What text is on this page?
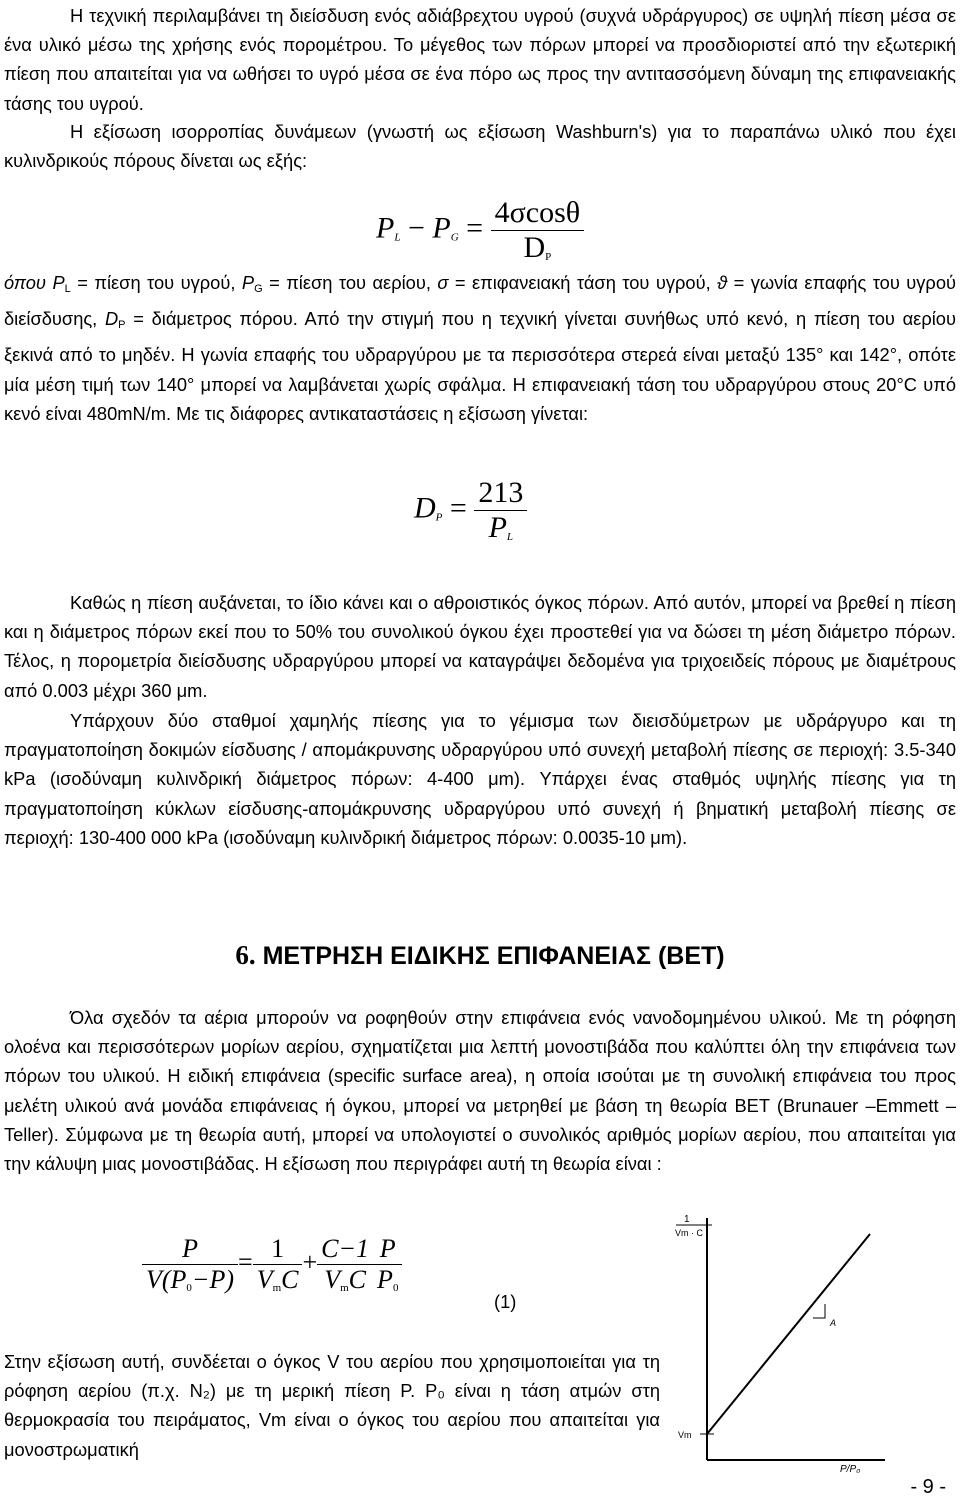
Η τεχνική περιλαμβάνει τη διείσδυση ενός αδιάβρεχτου υγρού (συχνά υδράργυρος) σε υψηλή πίεση μέσα σε ένα υλικό μέσω της χρήσης ενός ποροµέτρου. Το μέγεθος των πόρων μπορεί να προσδιοριστεί από την εξωτερική πίεση που απαιτείται για να ωθήσει το υγρό μέσα σε ένα πόρο ως προς την αντιτασσόμενη δύναμη της επιφανειακής τάσης του υγρού.

Η εξίσωση ισορροπίας δυνάμεων (γνωστή ως εξίσωση Washburn's) για το παραπάνω υλικό που έχει κυλινδρικούς πόρους δίνεται ως εξής:

$P_L - P_G = \frac{4\sigma\cos\theta}{D_P}$

όπου $P_L = \pi ί\varepsilon\sigma\eta$ του υγρού, $P_G = \pi ί\varepsilon\sigma\eta$ του αερίου, σ = επιφανειακή τάση του υγρού, ϑ = γωνία επαφής του υγρού διείσδυσης, $D_P = \delta\iota ά\mu\varepsilon\tau\rho o\varsigma$ πόρου. Από την στιγμή που η τεχνική γίνεται συνήθως υπό κενό, η πίεση του αερίου ξεκινά από το μηδέν. Η γωνία επαφής του υδραργύρου με τα περισσότερα στερεά είναι μεταξύ 135° και 142°, οπότε μία μέση τιμή των 140° μπορεί να λαμβάνεται χωρίς σφάλμα. Η επιφανειακή τάση του υδραργύρου στους 20°C υπό κενό είναι 480mN/m. Με τις διάφορες αντικαταστάσεις η εξίσωση γίνεται:

$D_P = \frac{213}{P_L}$

Καθώς η πίεση αυξάνεται, το ίδιο κάνει και ο αθροιστικός όγκος πόρων. Από αυτόν, μπορεί να βρεθεί η πίεση και η διάμετρος πόρων εκεί που το 50% του συνολικού όγκου έχει προστεθεί για να δώσει τη μέση διάμετρο πόρων. Τέλος, η ποροµετρία διείσδυσης υδραργύρου μπορεί να καταγράψει δεδομένα για τριχοειδείς πόρους με διαμέτρους από 0.003 μέχρι 360 μm.

Υπάρχουν δύο σταθμοί χαμηλής πίεσης για το γέμισμα των διεισδύμετρων με υδράργυρο και τη πραγματοποίηση δοκιμών είσδυσης / απομάκρυνσης υδραργύρου υπό συνεχή μεταβολή πίεσης σε περιοχή: 3.5-340 kPa (ισοδύναμη κυλινδρική διάμετρος πόρων: 4-400 μm). Υπάρχει ένας σταθμός υψηλής πίεσης για τη πραγματοποίηση κύκλων είσδυσης-απομάκρυνσης υδραργύρου υπό συνεχή ή βηματική μεταβολή πίεσης σε περιοχή: 130-400 000 kPa (ισοδύναμη κυλινδρική διάμετρος πόρων: 0.0035-10 μm).

6. ΜΕΤΡΗΣΗ ΕΙΔΙΚΗΣ ΕΠΙΦΑΝΕΙΑΣ (BET)

Όλα σχεδόν τα αέρια μπορούν να ροφηθούν στην επιφάνεια ενός νανοδομημένου υλικού. Με τη ρόφηση ολοένα και περισσότερων μορίων αερίου, σχηματίζεται μια λεπτή μονοστιβάδα που καλύπτει όλη την επιφάνεια των πόρων του υλικού. Η ειδική επιφάνεια (specific surface area), η οποία ισούται με τη συνολική επιφάνεια του προς μελέτη υλικού ανά μονάδα επιφάνειας ή όγκου, μπορεί να μετρηθεί με βάση τη θεωρία BET (Brunauer –Emmett – Teller). Σύμφωνα με τη θεωρία αυτή, μπορεί να υπολογιστεί ο συνολικός αριθμός μορίων αερίου, που απαιτείται για την κάλυψη μιας μονοστιβάδας. Η εξίσωση που περιγράφει αυτή τη θεωρία είναι :

$\frac{P}{V(P_0-P)} = \frac{1}{V_mC} + \frac{C-1}{V_mC} \frac{P}{P_0}$
(1)

Στην εξίσωση αυτή, συνδέεται ο όγκος V του αερίου που χρησιμοποιείται για τη ρόφηση αερίου (π.χ. N₂) με τη μερική πίεση P. P₀ είναι η τάση ατμών στη θερμοκρασία του πειράματος, Vm είναι ο όγκος του αερίου που απαιτείται για μονοστρωματική

A
1
Vm · C
Vm
P/P₀
- 9 -
